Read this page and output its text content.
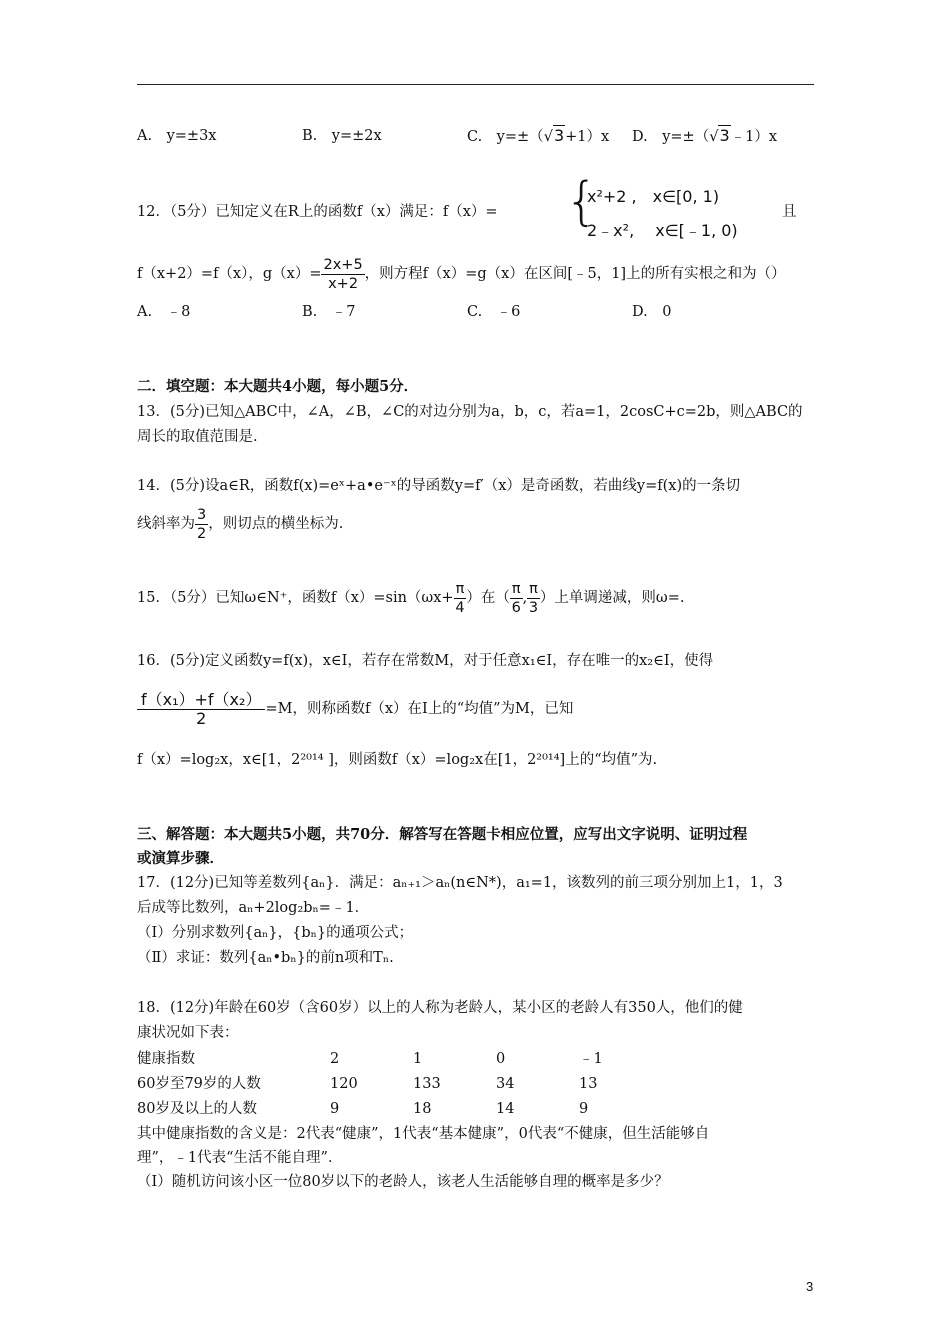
A.　y=±3x	B.　y=±2x	C.　y=±（√3+1）x D.　y=±（√3﹣1）x
12．（5分）已知定义在R上的函数f（x）满足：f（x）= {
x²+2 ,　x∈[0, 1)
2﹣x²,　 x∈[﹣1, 0)
且
f（x+2）=f（x），$g(x)= \frac{2x+5}{x+2}$ ，则方程f（x）=g（x）在区间[﹣5，1]上的所有实根之和为（）
A.　﹣8	B.　﹣7	C.　﹣6	D.　0
二．填空题：本大题共4小题，每小题5分．
13．(5分)已知△ABC中，∠A，∠B，∠C的对边分别为a，b，c，若a=1，2cosC+c=2b，则△ABC的
周长的取值范围是.
14．(5分)设a∈R，函数f(x)=eˣ+a•e⁻ˣ的导函数y=f′（x）是奇函数，若曲线y=f(x)的一条切
线斜率为 $\frac{3}{2}$ ，则切点的横坐标为.
15．（5分）已知ω∈N⁺，函数$f(x)=\sin(\omega x+ \frac{\pi}{4}$ ）在（ $\frac{\pi}{6}$ , $\frac{\pi}{3}$ ）上单调递减，则ω=.
16．(5分)定义函数y=f(x)，x∈I，若存在常数M，对于任意x₁∈I，存在唯一的x₂∈I，使得
$\frac{\text{f（x₁）+f（x₂）}}{2} =M$，则称函数f（x）在I上的“均值”为M，已知
f（x）=log₂x，x∈[1，2²⁰¹⁴ ]，则函数f（x）=log₂x在[1，2²⁰¹⁴]上的“均值”为.
三、解答题：本大题共5小题，共70分．解答写在答题卡相应位置，应写出文字说明、证明过程
或演算步骤．
17．(12分)已知等差数列{aₙ}．满足：aₙ₊₁＞aₙ(n∈N*)，a₁=1，该数列的前三项分别加上1，1，3
后成等比数列，aₙ+2log₂bₙ=﹣1．
（Ⅰ）分别求数列{aₙ}，{bₙ}的通项公式；
（Ⅱ）求证：数列{aₙ•bₙ}的前n项和Tₙ.
18．(12分)年龄在60岁（含60岁）以上的人称为老龄人，某小区的老龄人有350人，他们的健
康状况如下表：
健康指数	2	1	0	﹣1
60岁至79岁的人数	120	133	34	13
80岁及以上的人数	9	18	14	9
其中健康指数的含义是：2代表“健康”，1代表“基本健康”，0代表“不健康，但生活能够自
理”，﹣1代表“生活不能自理”．
（Ⅰ）随机访问该小区一位80岁以下的老龄人，该老人生活能够自理的概率是多少？
3
